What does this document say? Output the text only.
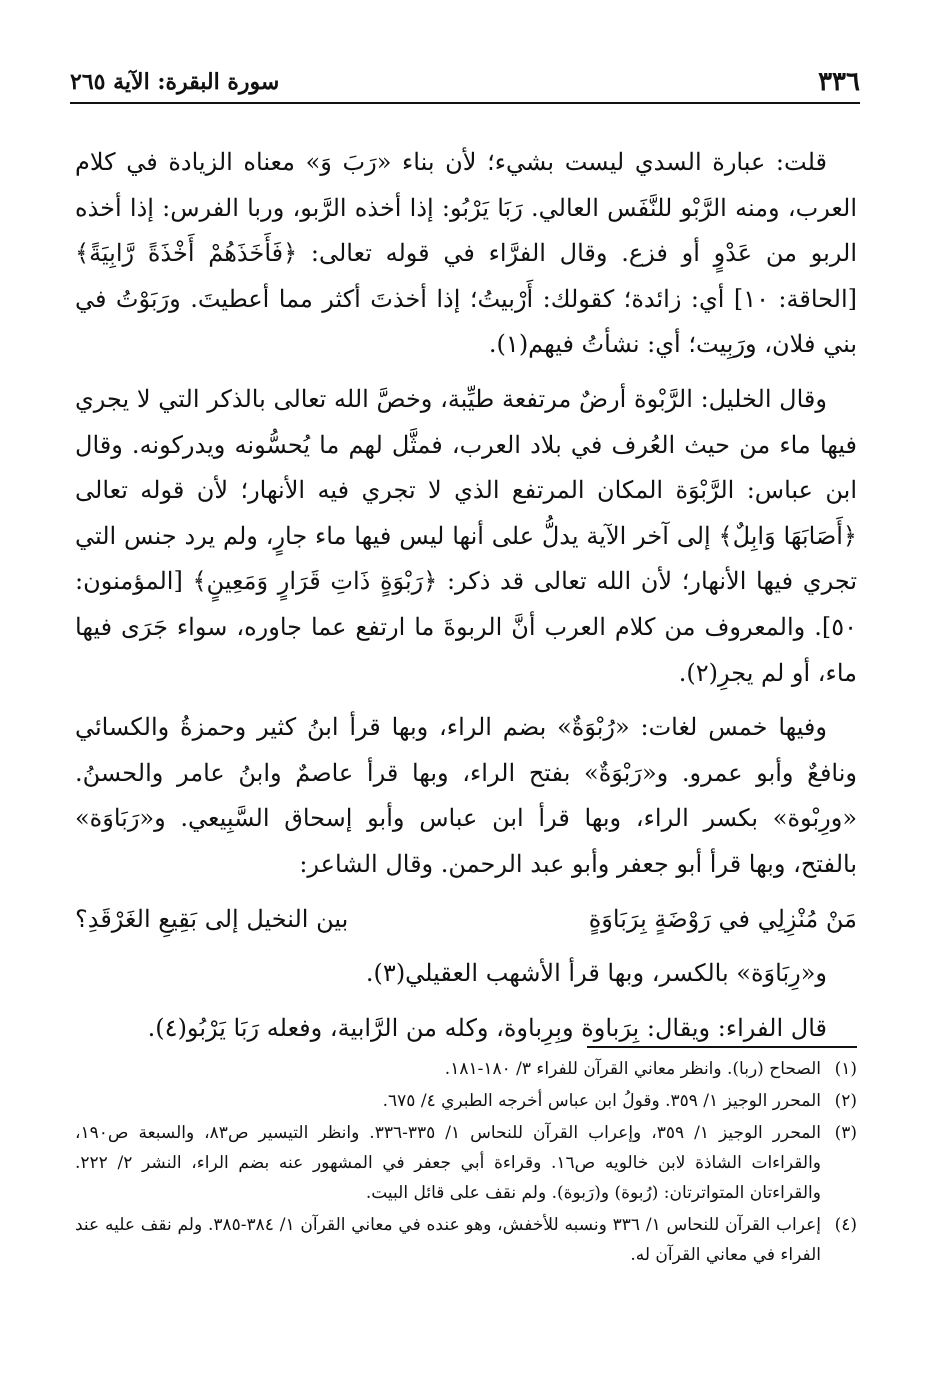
٣٣٦
سورة البقرة: الآية ٢٦٥

قلت: عبارة السدي ليست بشيء؛ لأن بناء «رَبَ وَ» معناه الزيادة في كلام العرب، ومنه الرَّبْو للنَّفَس العالي. رَبَا يَرْبُو: إذا أخذه الرَّبو، وربا الفرس: إذا أخذه الربو من عَدْوٍ أو فزع. وقال الفرَّاء في قوله تعالى: ﴿فَأَخَذَهُمْ أَخْذَةً رَّابِيَةً﴾ [الحاقة: ١٠] أي: زائدة؛ كقولك: أَرْبيتُ؛ إذا أخذتَ أكثر مما أعطيتَ. ورَبَوْتُ في بني فلان، ورَبِيت؛ أي: نشأتُ فيهم(١).

وقال الخليل: الرَّبْوة أرضٌ مرتفعة طيِّبة، وخصَّ الله تعالى بالذكر التي لا يجري فيها ماء من حيث العُرف في بلاد العرب، فمثَّل لهم ما يُحسُّونه ويدركونه. وقال ابن عباس: الرَّبْوَة المكان المرتفع الذي لا تجري فيه الأنهار؛ لأن قوله تعالى ﴿أَصَابَهَا وَابِلٌ﴾ إلى آخر الآية يدلُّ على أنها ليس فيها ماء جارٍ، ولم يرد جنس التي تجري فيها الأنهار؛ لأن الله تعالى قد ذكر: ﴿رَبْوَةٍ ذَاتِ قَرَارٍ وَمَعِينٍ﴾ [المؤمنون: ٥٠]. والمعروف من كلام العرب أنَّ الربوةَ ما ارتفع عما جاوره، سواء جَرَى فيها ماء، أو لم يجرِ(٢).

وفيها خمس لغات: «رُبْوَةٌ» بضم الراء، وبها قرأ ابنُ كثير وحمزةُ والكسائي ونافعٌ وأبو عمرو. و«رَبْوَةٌ» بفتح الراء، وبها قرأ عاصمٌ وابنُ عامر والحسنُ. «ورِبْوة» بكسر الراء، وبها قرأ ابن عباس وأبو إسحاق السَّبِيعي. و«رَبَاوَة» بالفتح، وبها قرأ أبو جعفر وأبو عبد الرحمن. وقال الشاعر:

مَنْ مُنْزِلِي في رَوْضَةٍ بِرَبَاوَةٍ
بين النخيل إلى بَقِيعِ الغَرْقَدِ؟

و«رِبَاوَة» بالكسر، وبها قرأ الأشهب العقيلي(٣).

قال الفراء: ويقال: بِرَباوة وبِرِباوة، وكله من الرَّابية، وفعله رَبَا يَرْبُو(٤).

(١)
الصحاح (ربا). وانظر معاني القرآن للفراء ٣/ ١٨٠-١٨١.
(٢)
المحرر الوجيز ١/ ٣٥٩. وقولُ ابن عباس أخرجه الطبري ٤/ ٦٧٥.
(٣)
المحرر الوجيز ١/ ٣٥٩، وإعراب القرآن للنحاس ١/ ٣٣٥-٣٣٦. وانظر التيسير ص٨٣، والسبعة ص١٩٠، والقراءات الشاذة لابن خالويه ص١٦. وقراءة أبي جعفر في المشهور عنه بضم الراء، النشر ٢/ ٢٢٢. والقراءتان المتواترتان: (رُبوة) و(رَبوة). ولم نقف على قائل البيت.
(٤)
إعراب القرآن للنحاس ١/ ٣٣٦ ونسبه للأخفش، وهو عنده في معاني القرآن ١/ ٣٨٤-٣٨٥. ولم نقف عليه عند الفراء في معاني القرآن له.
